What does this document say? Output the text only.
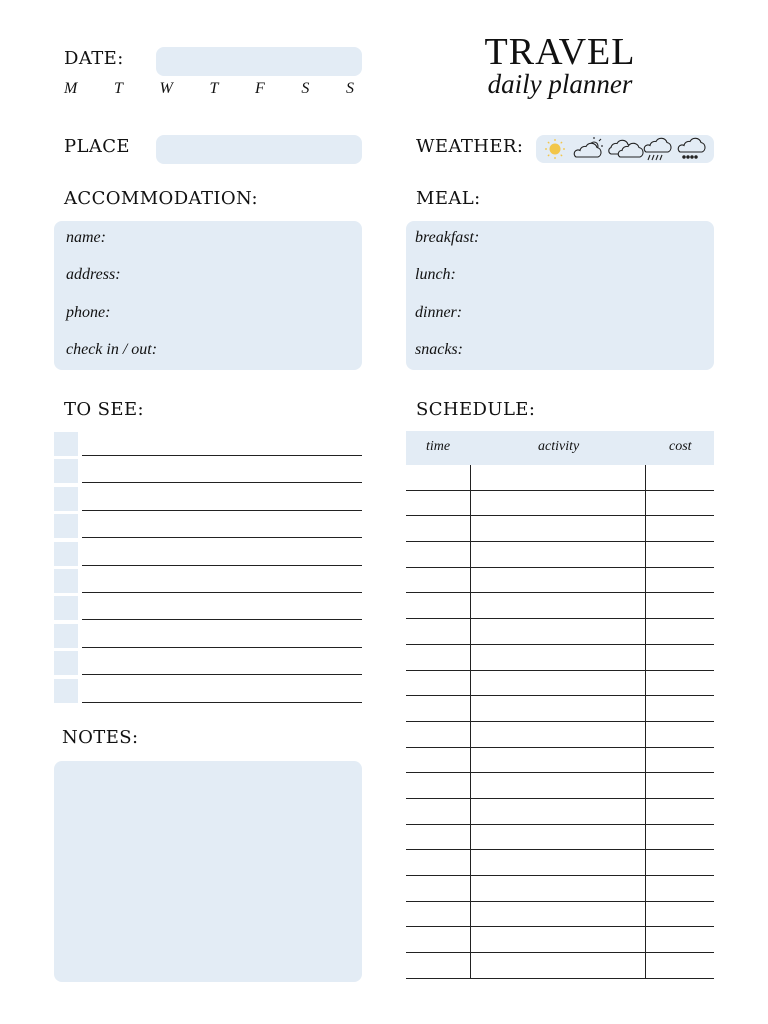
DATE:
M T W T F S S
TRAVEL
daily planner
PLACE	WEATHER:
ACCOMMODATION:
name:
address:
phone:
check in / out:
MEAL:
breakfast:
lunch:
dinner:
snacks:
TO SEE:
NOTES:
SCHEDULE:
time	activity	cost
